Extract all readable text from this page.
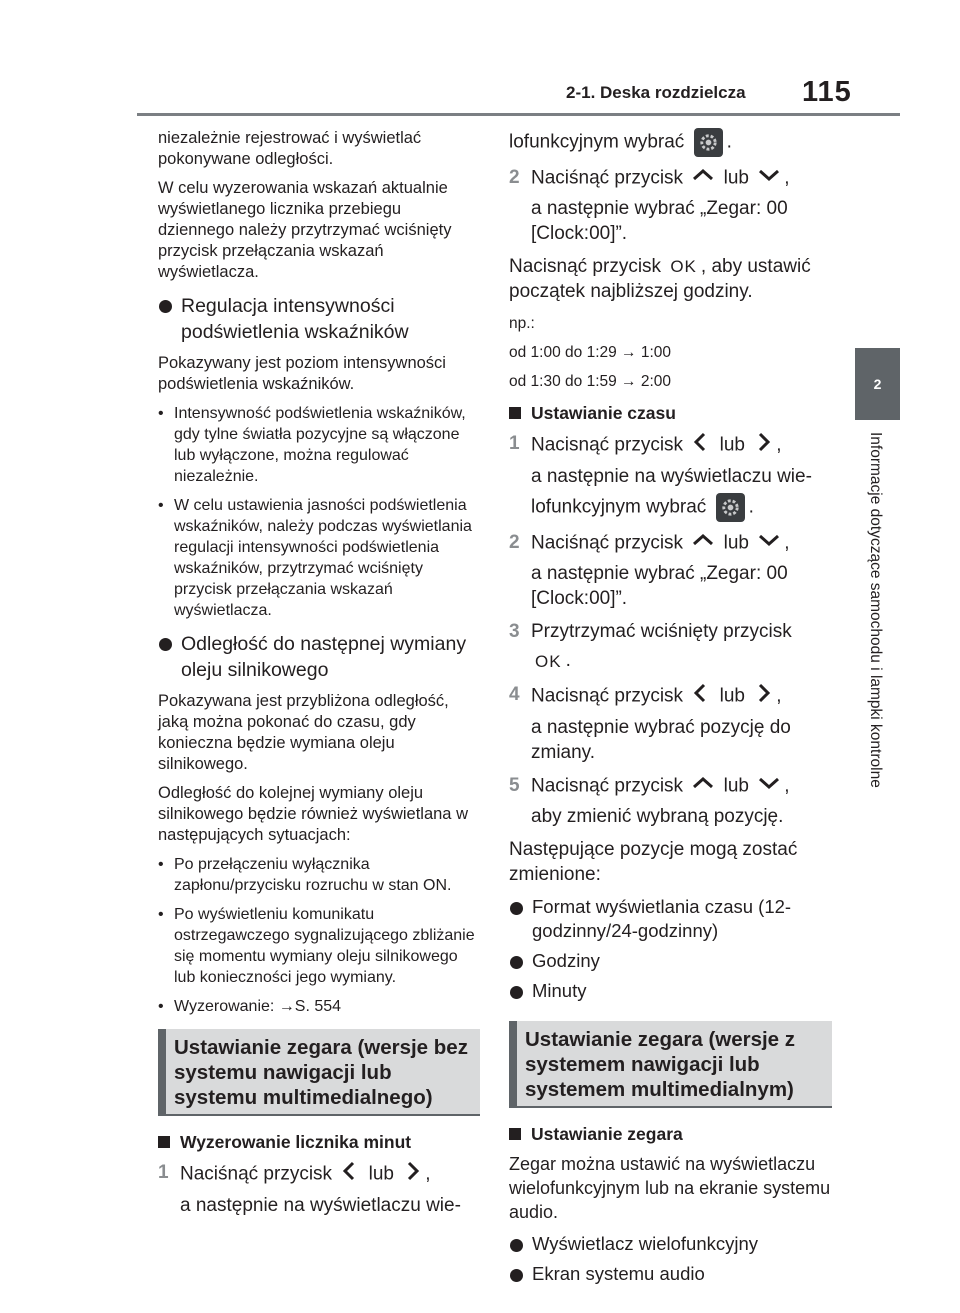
2-1. Deska rozdzielcza 115
2
Informacje dotyczące samochodu i lampki kontrolne

niezależnie rejestrować i wyświetlać pokonywane odległości.

W celu wyzerowania wskazań aktualnie wyświetlanego licznika przebiegu dziennego należy przytrzymać wciśnięty przycisk przełączania wskazań wyświetlacza.

Regulacja intensywności podświetlenia wskaźników

Pokazywany jest poziom intensywności podświetlenia wskaźników.

• Intensywność podświetlenia wskaźników, gdy tylne światła pozycyjne są włączone lub wyłączone, można regulować niezależnie.
• W celu ustawienia jasności podświetlenia wskaźników, należy podczas wyświetlania regulacji intensywności podświetlenia wskaźników, przytrzymać wciśnięty przycisk przełączania wskazań wyświetlacza.
Odległość do następnej wymiany oleju silnikowego

Pokazywana jest przybliżona odległość, jaką można pokonać do czasu, gdy konieczna będzie wymiana oleju silnikowego.

Odległość do kolejnej wymiany oleju silnikowego będzie również wyświetlana w następujących sytuacjach:

• Po przełączeniu wyłącznika zapłonu/przycisku rozruchu w stan ON.
• Po wyświetleniu komunikatu ostrzegawczego sygnalizującego zbliżanie się momentu wymiany oleju silnikowego lub konieczności jego wymiany.
• Wyzerowanie: →S. 554
Ustawianie zegara (wersje bez systemu nawigacji lub systemu multimedialnego)
Wyzerowanie licznika minut
1 Naciśnąć przycisk lub ,
a następnie na wyświetlaczu wie-
lofunkcyjnym wybrać .
2 Naciśnąć przycisk lub ,
a następnie wybrać „Zegar: 00 [Clock:00]”.
Nacisnąć przycisk OK , aby ustawić początek najbliższej godziny.
np.:
od 1:00 do 1:29 → 1:00
od 1:30 do 1:59 → 2:00
Ustawianie czasu
1 Nacisnąć przycisk lub ,
a następnie na wyświetlaczu wie-
lofunkcyjnym wybrać .
2 Naciśnąć przycisk lub ,
a następnie wybrać „Zegar: 00 [Clock:00]”.
3 Przytrzymać wciśnięty przycisk
OK .
4 Nacisnąć przycisk lub ,
a następnie wybrać pozycję do zmiany.
5 Nacisnąć przycisk lub ,
aby zmienić wybraną pozycję.

Następujące pozycje mogą zostać zmienione:

Format wyświetlania czasu (12-godzinny/24-godzinny)
Godziny
Minuty
Ustawianie zegara (wersje z systemem nawigacji lub systemem multimedialnym)
Ustawianie zegara

Zegar można ustawić na wyświetlaczu wielofunkcyjnym lub na ekranie systemu audio.

Wyświetlacz wielofunkcyjny
Ekran systemu audio
